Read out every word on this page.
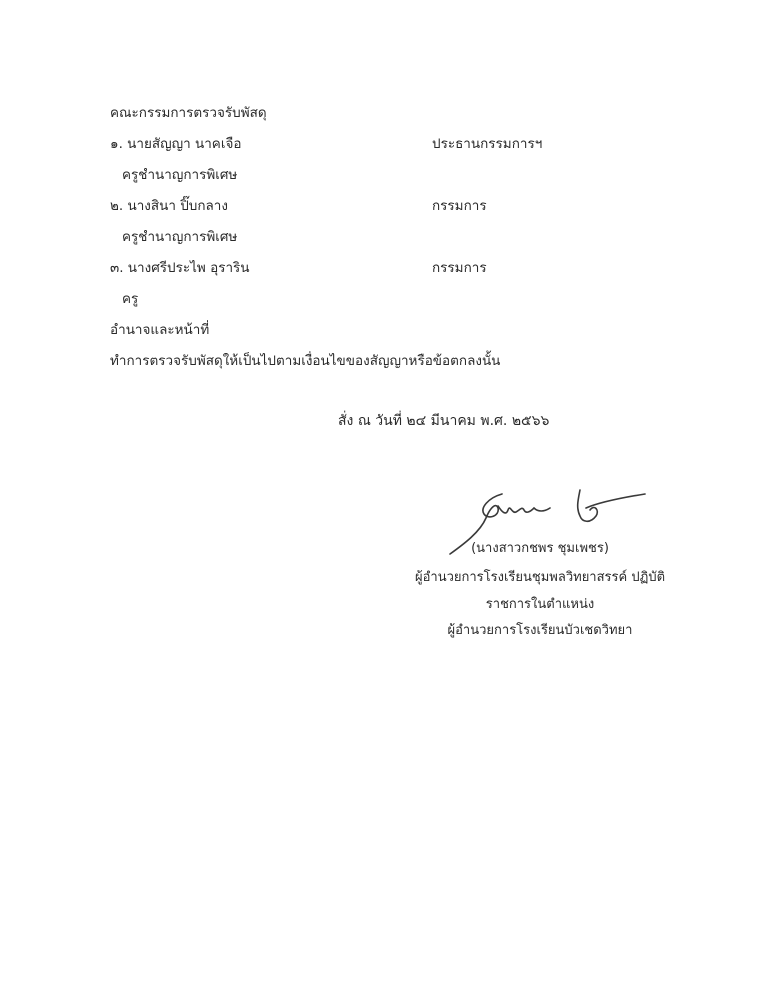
คณะกรรมการตรวจรับพัสดุ
๑. นายสัญญา นาคเจือ	ประธานกรรมการฯ
ครูชำนาญการพิเศษ
๒. นางสินา ปิ๊บกลาง	กรรมการ
ครูชำนาญการพิเศษ
๓. นางศรีประไพ อุราริน	กรรมการ
ครู
อำนาจและหน้าที่
ทำการตรวจรับพัสดุให้เป็นไปตามเงื่อนไขของสัญญาหรือข้อตกลงนั้น
สั่ง ณ วันที่ ๒๔ มีนาคม พ.ศ. ๒๕๖๖
(นางสาวกชพร ชุมเพชร)
ผู้อำนวยการโรงเรียนชุมพลวิทยาสรรค์ ปฏิบัติ
ราชการในตำแหน่ง
ผู้อำนวยการโรงเรียนบัวเชดวิทยา
